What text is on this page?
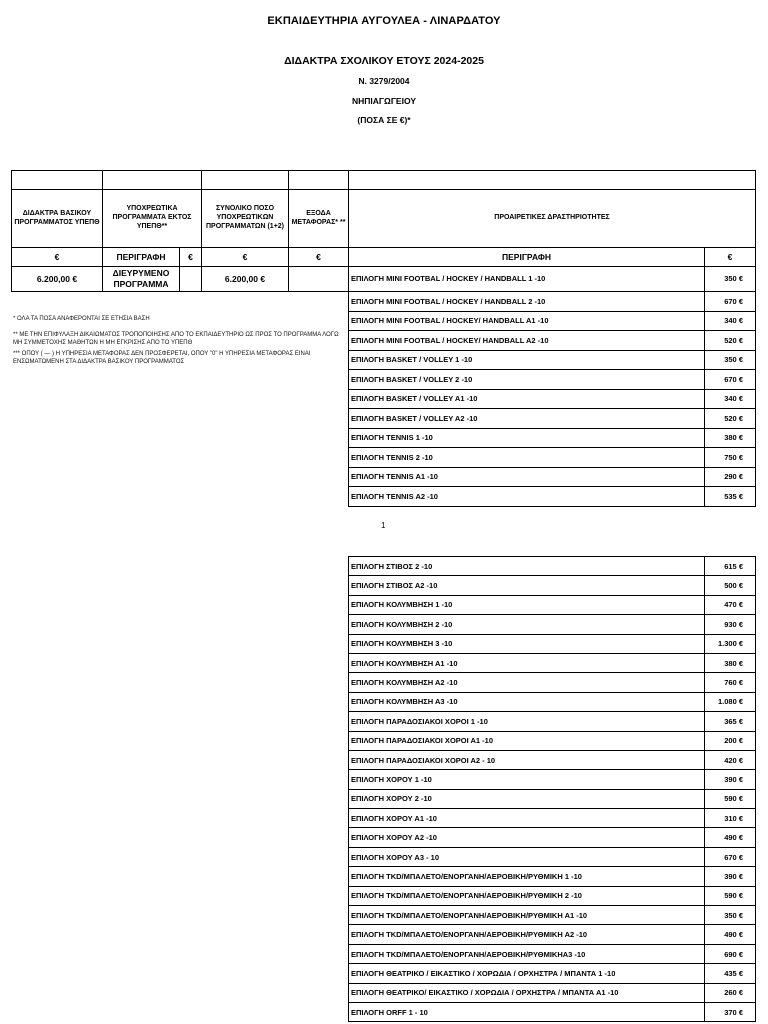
ΕΚΠΑΙΔΕΥΤΗΡΙΑ ΑΥΓΟΥΛΕΑ - ΛΙΝΑΡΔΑΤΟΥ
ΔΙΔΑΚΤΡΑ ΣΧΟΛΙΚΟΥ ΕΤΟΥΣ 2024-2025
Ν. 3279/2004
ΝΗΠΙΑΓΩΓΕΙΟΥ
(ΠΟΣΑ ΣΕ €)*

ΔΙΔΑΚΤΡΑ ΒΑΣΙΚΟΥ ΠΡΟΓΡΑΜΜΑΤΟΣ ΥΠΕΠΘ	ΥΠΟΧΡΕΩΤΙΚΑ ΠΡΟΓΡΑΜΜΑΤΑ ΕΚΤΟΣ ΥΠΕΠΘ**		ΣΥΝΟΛΙΚΟ ΠΟΣΟ ΥΠΟΧΡΕΩΤΙΚΩΝ ΠΡΟΓΡΑΜΜΑΤΩΝ (1+2)	ΕΞΟΔΑ ΜΕΤΑΦΟΡΑΣ* **	ΠΡΟΑΙΡΕΤΙΚΕΣ ΔΡΑΣΤΗΡΙΟΤΗΤΕΣ	
€	ΠΕΡΙΓΡΑΦΗ	€	€	€	ΠΕΡΙΓΡΑΦΗ	€
6.200,00 €	ΔΙΕΥΡΥΜΕΝΟ ΠΡΟΓΡΑΜΜΑ		6.200,00 €		ΕΠΙΛΟΓΗ MINI FOOTBAL / HOCKEY / HANDBALL 1 -10	350 €
					ΕΠΙΛΟΓΗ MINI FOOTBAL / HOCKEY / HANDBALL 2 -10	670 €
					ΕΠΙΛΟΓΗ MINI FOOTBAL / HOCKEY/ HANDBALL A1 -10	340 €
					ΕΠΙΛΟΓΗ MINI FOOTBAL / HOCKEY/ HANDBALL A2 -10	520 €
					ΕΠΙΛΟΓΗ BASKET / VOLLEY 1 -10	350 €
					ΕΠΙΛΟΓΗ BASKET / VOLLEY 2 -10	670 €
					ΕΠΙΛΟΓΗ BASKET / VOLLEY A1 -10	340 €
					ΕΠΙΛΟΓΗ BASKET / VOLLEY A2 -10	520 €
					ΕΠΙΛΟΓΗ TENNIS 1 -10	380 €
					ΕΠΙΛΟΓΗ TENNIS 2 -10	750 €
					ΕΠΙΛΟΓΗ TENNIS A1 -10	290 €
					ΕΠΙΛΟΓΗ TENNIS A2 -10	535 €
* ΟΛΑ ΤΑ ΠΟΣΑ ΑΝΑΦΕΡΟΝΤΑΙ ΣΕ ΕΤΗΣΙΑ ΒΑΣΗ
** ΜΕ ΤΗΝ ΕΠΙΦΥΛΑΞΗ ΔΙΚΑΙΩΜΑΤΟΣ ΤΡΟΠΟΠΟΙΗΣΗΣ ΑΠΟ ΤΟ ΕΚΠΑΙΔΕΥΤΗΡΙΟ ΩΣ ΠΡΟΣ ΤΟ ΠΡΟΓΡΑΜΜΑ ΛΟΓΩ ΜΗ ΣΥΜΜΕΤΟΧΗΣ ΜΑΘΗΤΩΝ Η ΜΗ ΕΓΚΡΙΣΗΣ ΑΠΟ ΤΟ ΥΠΕΠΘ
*** ΟΠΟΥ ( — ) Η ΥΠΗΡΕΣΙΑ ΜΕΤΑΦΟΡΑΣ ΔΕΝ ΠΡΟΣΦΕΡΕΤΑΙ, ΟΠΟΥ "0" Η ΥΠΗΡΕΣΙΑ ΜΕΤΑΦΟΡΑΣ ΕΙΝΑΙ ΕΝΣΩΜΑΤΩΜΕΝΗ ΣΤΑ ΔΙΔΑΚΤΡΑ ΒΑΣΙΚΟΥ ΠΡΟΓΡΑΜΜΑΤΟΣ
1
ΕΠΙΛΟΓΗ ΣΤΙΒΟΣ 2 -10	615 €
ΕΠΙΛΟΓΗ ΣΤΙΒΟΣ Α2 -10	500 €
ΕΠΙΛΟΓΗ ΚΟΛΥΜΒΗΣΗ 1 -10	470 €
ΕΠΙΛΟΓΗ ΚΟΛΥΜΒΗΣΗ 2 -10	930 €
ΕΠΙΛΟΓΗ ΚΟΛΥΜΒΗΣΗ 3 -10	1.300 €
ΕΠΙΛΟΓΗ ΚΟΛΥΜΒΗΣΗ Α1 -10	380 €
ΕΠΙΛΟΓΗ ΚΟΛΥΜΒΗΣΗ Α2 -10	760 €
ΕΠΙΛΟΓΗ ΚΟΛΥΜΒΗΣΗ Α3 -10	1.080 €
ΕΠΙΛΟΓΗ ΠΑΡΑΔΟΣΙΑΚΟΙ ΧΟΡΟΙ 1 -10	365 €
ΕΠΙΛΟΓΗ ΠΑΡΑΔΟΣΙΑΚΟΙ ΧΟΡΟΙ Α1 -10	200 €
ΕΠΙΛΟΓΗ ΠΑΡΑΔΟΣΙΑΚΟΙ ΧΟΡΟΙ Α2 - 10	420 €
ΕΠΙΛΟΓΗ ΧΟΡΟΥ 1 -10	390 €
ΕΠΙΛΟΓΗ ΧΟΡΟΥ 2 -10	590 €
ΕΠΙΛΟΓΗ ΧΟΡΟΥ Α1 -10	310 €
ΕΠΙΛΟΓΗ ΧΟΡΟΥ Α2 -10	490 €
ΕΠΙΛΟΓΗ ΧΟΡΟΥ Α3 - 10	670 €
ΕΠΙΛΟΓΗ TKD/ΜΠΑΛΕΤΟ/ΕΝΟΡΓΑΝΗ/ΑΕΡΟΒΙΚΗ/ΡΥΘΜΙΚΗ 1 -10	390 €
ΕΠΙΛΟΓΗ TKD/ΜΠΑΛΕΤΟ/ΕΝΟΡΓΑΝΗ/ΑΕΡΟΒΙΚΗ/ΡΥΘΜΙΚΗ 2 -10	590 €
ΕΠΙΛΟΓΗ TKD/ΜΠΑΛΕΤΟ/ΕΝΟΡΓΑΝΗ/ΑΕΡΟΒΙΚΗ/ΡΥΘΜΙΚΗ Α1 -10	350 €
ΕΠΙΛΟΓΗ TKD/ΜΠΑΛΕΤΟ/ΕΝΟΡΓΑΝΗ/ΑΕΡΟΒΙΚΗ/ΡΥΘΜΙΚΗ Α2 -10	490 €
ΕΠΙΛΟΓΗ TKD/ΜΠΑΛΕΤΟ/ΕΝΟΡΓΑΝΗ/ΑΕΡΟΒΙΚΗ/ΡΥΘΜΙΚΗΑ3 -10	690 €
ΕΠΙΛΟΓΗ ΘΕΑΤΡΙΚΟ / ΕΙΚΑΣΤΙΚΟ / ΧΟΡΩΔΙΑ / ΟΡΧΗΣΤΡΑ / ΜΠΑΝΤΑ 1 -10	435 €
ΕΠΙΛΟΓΗ ΘΕΑΤΡΙΚΟ/ ΕΙΚΑΣΤΙΚΟ / ΧΟΡΩΔΙΑ / ΟΡΧΗΣΤΡΑ / ΜΠΑΝΤΑ Α1 -10	260 €
ΕΠΙΛΟΓΗ ORFF 1 - 10	370 €
